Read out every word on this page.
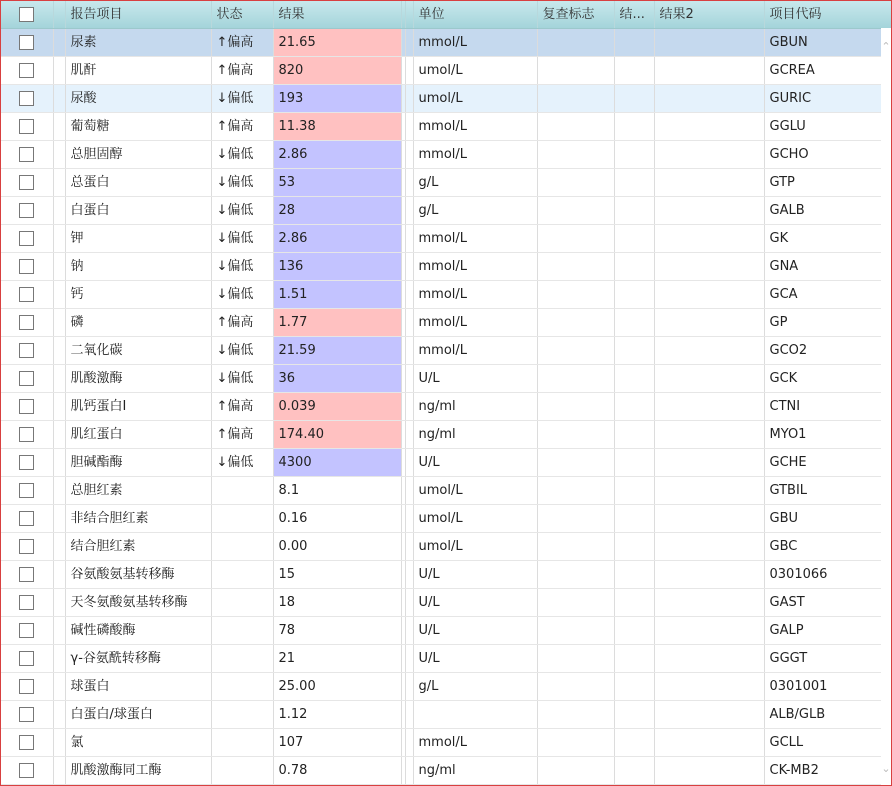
		报告项目	状态	结果			单位	复查标志	结...	结果2	项目代码
		尿素	↑偏高	21.65			mmol/L				GBUN
		肌酐	↑偏高	820			umol/L				GCREA
		尿酸	↓偏低	193			umol/L				GURIC
		葡萄糖	↑偏高	11.38			mmol/L				GGLU
		总胆固醇	↓偏低	2.86			mmol/L				GCHO
		总蛋白	↓偏低	53			g/L				GTP
		白蛋白	↓偏低	28			g/L				GALB
		钾	↓偏低	2.86			mmol/L				GK
		钠	↓偏低	136			mmol/L				GNA
		钙	↓偏低	1.51			mmol/L				GCA
		磷	↑偏高	1.77			mmol/L				GP
		二氧化碳	↓偏低	21.59			mmol/L				GCO2
		肌酸激酶	↓偏低	36			U/L				GCK
		肌钙蛋白I	↑偏高	0.039			ng/ml				CTNI
		肌红蛋白	↑偏高	174.40			ng/ml				MYO1
		胆碱酯酶	↓偏低	4300			U/L				GCHE
		总胆红素		8.1			umol/L				GTBIL
		非结合胆红素		0.16			umol/L				GBU
		结合胆红素		0.00			umol/L				GBC
		谷氨酸氨基转移酶		15			U/L				0301066
		天冬氨酸氨基转移酶		18			U/L				GAST
		碱性磷酸酶		78			U/L				GALP
		γ-谷氨酰转移酶		21			U/L				GGGT
		球蛋白		25.00			g/L				0301001
		白蛋白/球蛋白		1.12							ALB/GLB
		氯		107			mmol/L				GCLL
		肌酸激酶同工酶		0.78			ng/ml				CK-MB2
⌃
⌄
